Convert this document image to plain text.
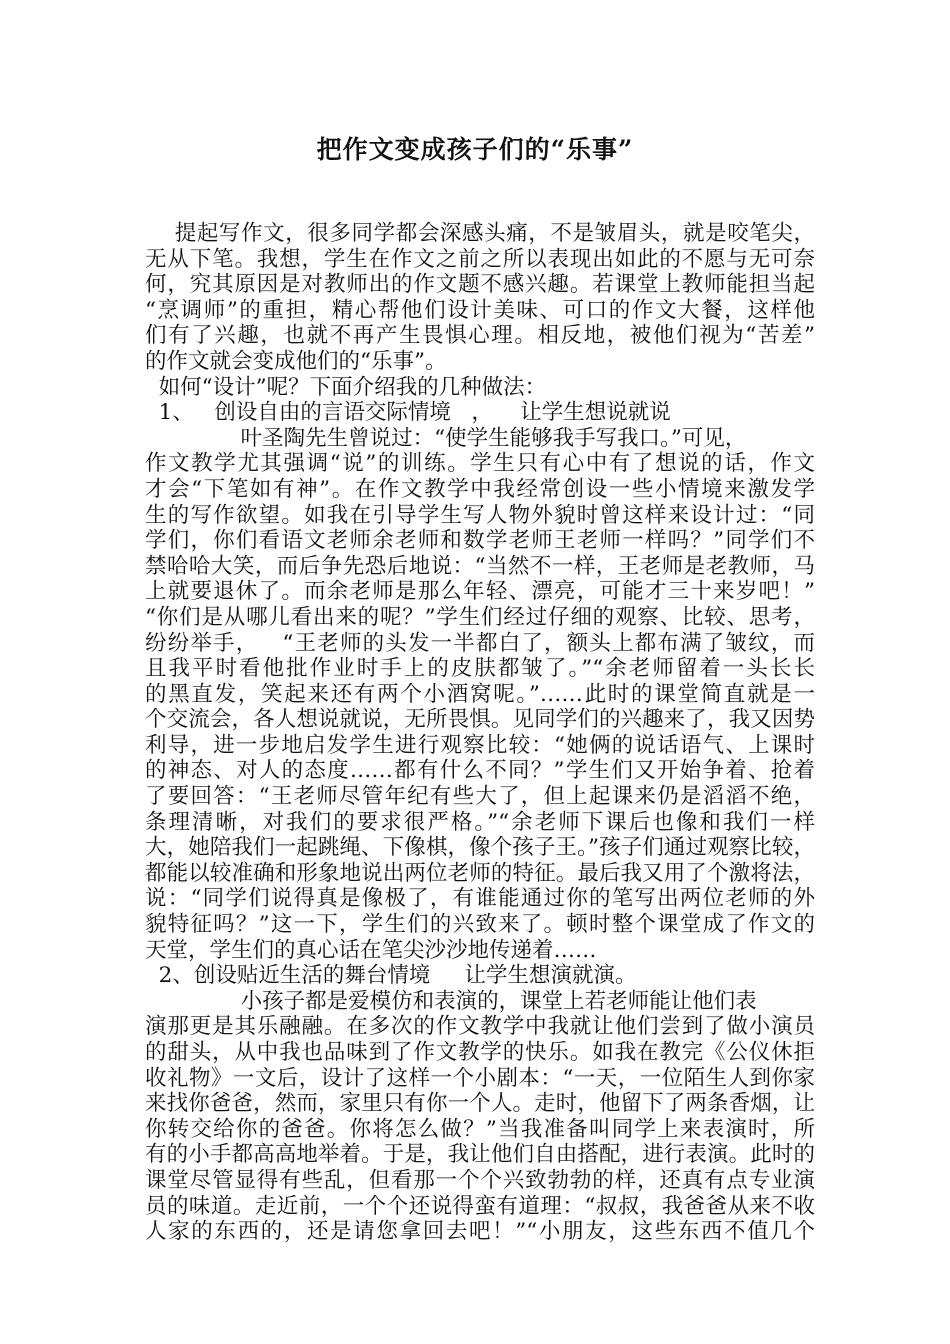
把作文变成孩子们的“乐事”
提起写作文，很多同学都会深感头痛，不是皱眉头，就是咬笔尖，
无从下笔。我想，学生在作文之前之所以表现出如此的不愿与无可奈
何，究其原因是对教师出的作文题不感兴趣。若课堂上教师能担当起
“烹调师”的重担，精心帮他们设计美味、可口的作文大餐，这样他
们有了兴趣，也就不再产生畏惧心理。相反地，被他们视为“苦差”
的作文就会变成他们的“乐事”。
如何“设计”呢？下面介绍我的几种做法：
1、   创设自由的言语交际情境   ，    让学生想说就说
叶圣陶先生曾说过：“使学生能够我手写我口。”可见，
作文教学尤其强调“说”的训练。学生只有心中有了想说的话，作文
才会“下笔如有神”。在作文教学中我经常创设一些小情境来激发学
生的写作欲望。如我在引导学生写人物外貌时曾这样来设计过：“同
学们，你们看语文老师余老师和数学老师王老师一样吗？”同学们不
禁哈哈大笑，而后争先恐后地说：“当然不一样，王老师是老教师，马
上就要退休了。而余老师是那么年轻、漂亮，可能才三十来岁吧！”
“你们是从哪儿看出来的呢？”学生们经过仔细的观察、比较、思考，
纷纷举手，   “王老师的头发一半都白了，额头上都布满了皱纹，而
且我平时看他批作业时手上的皮肤都皱了。”“余老师留着一头长长
的黑直发，笑起来还有两个小酒窝呢。”……此时的课堂简直就是一
个交流会，各人想说就说，无所畏惧。见同学们的兴趣来了，我又因势
利导，进一步地启发学生进行观察比较：“她俩的说话语气、上课时
的神态、对人的态度……都有什么不同？”学生们又开始争着、抢着
了要回答：“王老师尽管年纪有些大了，但上起课来仍是滔滔不绝，
条理清晰，对我们的要求很严格。”“余老师下课后也像和我们一样
大，她陪我们一起跳绳、下像棋，像个孩子王。”孩子们通过观察比较，
都能以较准确和形象地说出两位老师的特征。最后我又用了个激将法，
说：“同学们说得真是像极了，有谁能通过你的笔写出两位老师的外
貌特征吗？”这一下，学生们的兴致来了。顿时整个课堂成了作文的
天堂，学生们的真心话在笔尖沙沙地传递着……
2、创设贴近生活的舞台情境     让学生想演就演。
小孩子都是爱模仿和表演的，课堂上若老师能让他们表
演那更是其乐融融。在多次的作文教学中我就让他们尝到了做小演员
的甜头，从中我也品味到了作文教学的快乐。如我在教完《公仪休拒
收礼物》一文后，设计了这样一个小剧本：“一天，一位陌生人到你家
来找你爸爸，然而，家里只有你一个人。走时，他留下了两条香烟，让
你转交给你的爸爸。你将怎么做？”当我准备叫同学上来表演时，所
有的小手都高高地举着。于是，我让他们自由搭配，进行表演。此时的
课堂尽管显得有些乱，但看那一个个兴致勃勃的样，还真有点专业演
员的味道。走近前，一个个还说得蛮有道理：“叔叔，我爸爸从来不收
人家的东西的，还是请您拿回去吧！”“小朋友，这些东西不值几个
